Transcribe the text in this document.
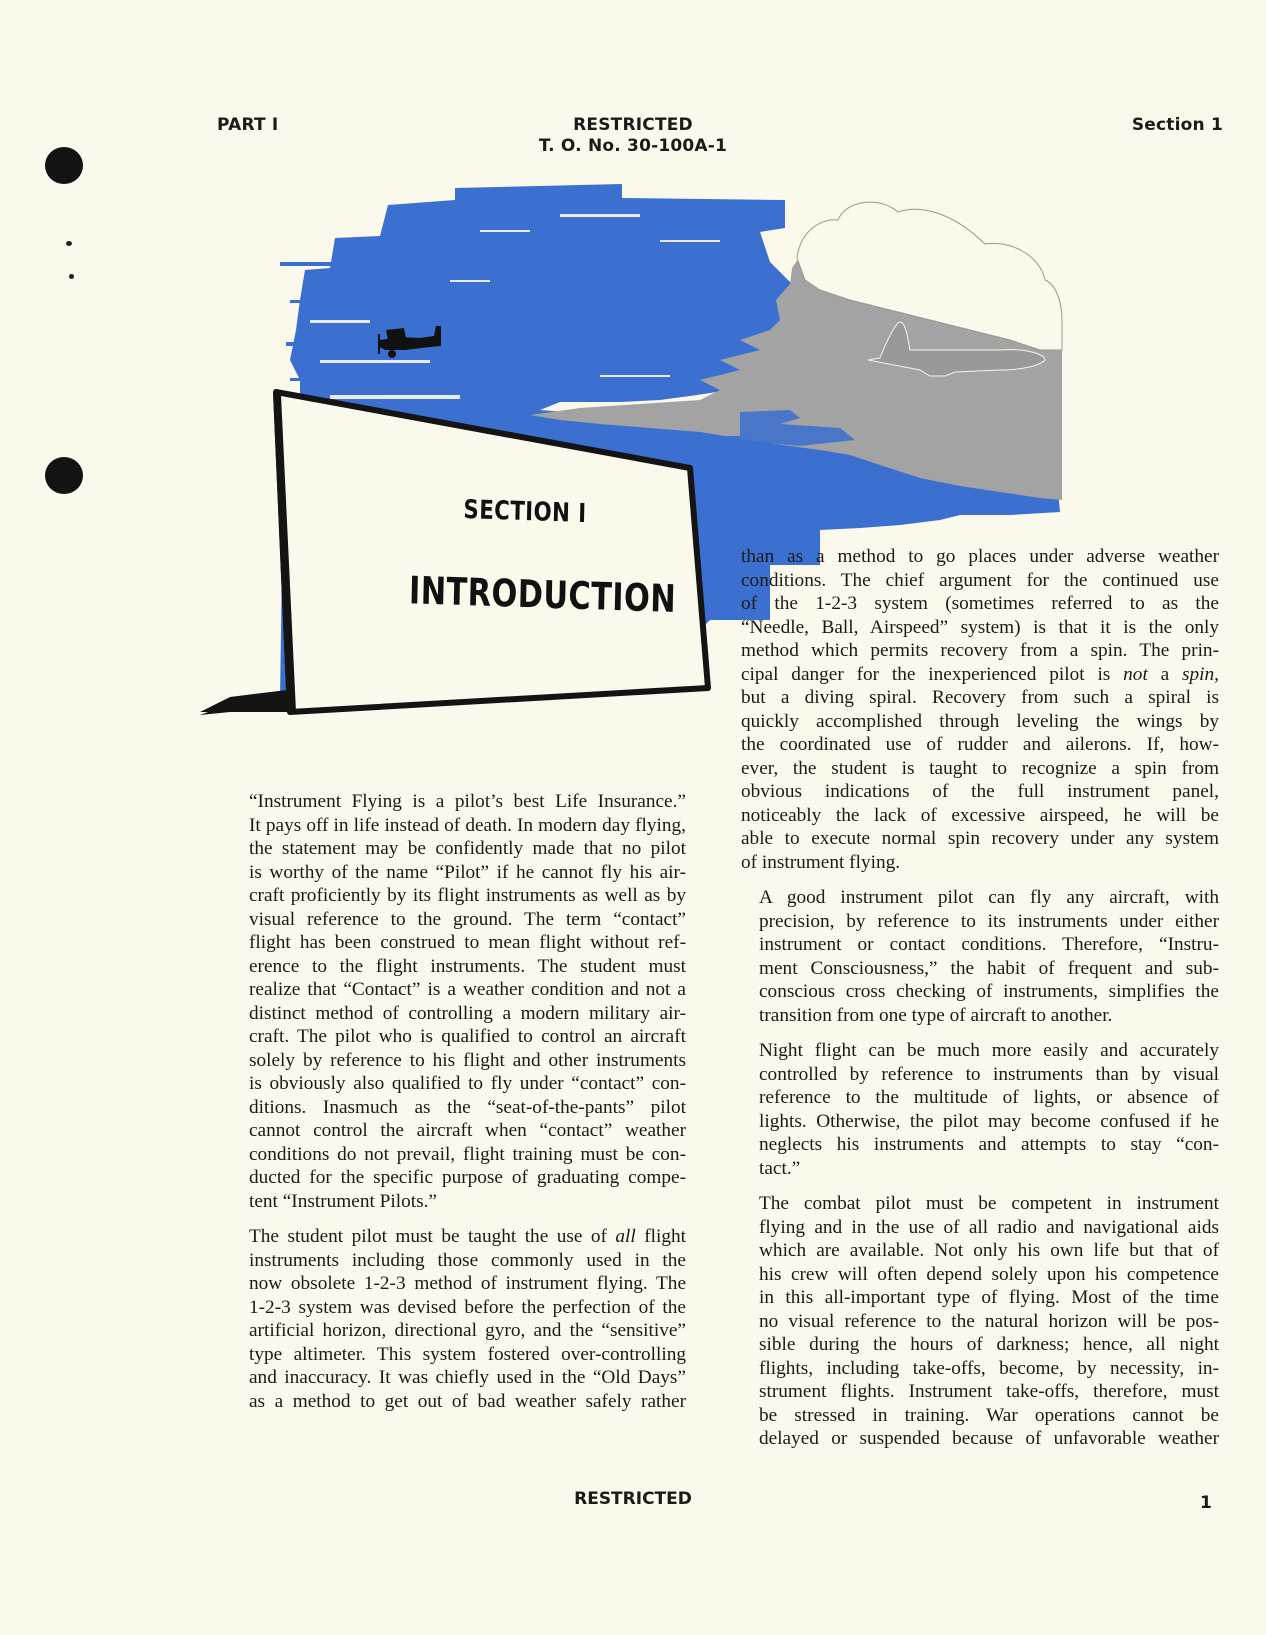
PART I	RESTRICTED
T. O. No. 30-100A-1
Section 1
SECTION I
INTRODUCTION

“Instrument Flying is a pilot’s best Life Insurance.”
It pays off in life instead of death. In modern day flying,
the statement may be confidently made that no pilot
is worthy of the name “Pilot” if he cannot fly his air-
craft proficiently by its flight instruments as well as by
visual reference to the ground. The term “contact”
flight has been construed to mean flight without ref-
erence to the flight instruments. The student must
realize that “Contact” is a weather condition and not a
distinct method of controlling a modern military air-
craft. The pilot who is qualified to control an aircraft
solely by reference to his flight and other instruments
is obviously also qualified to fly under “contact” con-
ditions. Inasmuch as the “seat-of-the-pants” pilot
cannot control the aircraft when “contact” weather
conditions do not prevail, flight training must be con-
ducted for the specific purpose of graduating compe-
tent “Instrument Pilots.”

The student pilot must be taught the use of all flight
instruments including those commonly used in the
now obsolete 1-2-3 method of instrument flying. The
1-2-3 system was devised before the perfection of the
artificial horizon, directional gyro, and the “sensitive”
type altimeter. This system fostered over-controlling
and inaccuracy. It was chiefly used in the “Old Days”
as a method to get out of bad weather safely rather

than as a method to go places under adverse weather
conditions. The chief argument for the continued use
of the 1-2-3 system (sometimes referred to as the
“Needle, Ball, Airspeed” system) is that it is the only
method which permits recovery from a spin. The prin-
cipal danger for the inexperienced pilot is not a spin,
but a diving spiral. Recovery from such a spiral is
quickly accomplished through leveling the wings by
the coordinated use of rudder and ailerons. If, how-
ever, the student is taught to recognize a spin from
obvious indications of the full instrument panel,
noticeably the lack of excessive airspeed, he will be
able to execute normal spin recovery under any system
of instrument flying.

A good instrument pilot can fly any aircraft, with
precision, by reference to its instruments under either
instrument or contact conditions. Therefore, “Instru-
ment Consciousness,” the habit of frequent and sub-
conscious cross checking of instruments, simplifies the
transition from one type of aircraft to another.

Night flight can be much more easily and accurately
controlled by reference to instruments than by visual
reference to the multitude of lights, or absence of
lights. Otherwise, the pilot may become confused if he
neglects his instruments and attempts to stay “con-
tact.”

The combat pilot must be competent in instrument
flying and in the use of all radio and navigational aids
which are available. Not only his own life but that of
his crew will often depend solely upon his competence
in this all-important type of flying. Most of the time
no visual reference to the natural horizon will be pos-
sible during the hours of darkness; hence, all night
flights, including take-offs, become, by necessity, in-
strument flights. Instrument take-offs, therefore, must
be stressed in training. War operations cannot be
delayed or suspended because of unfavorable weather

RESTRICTED	1
